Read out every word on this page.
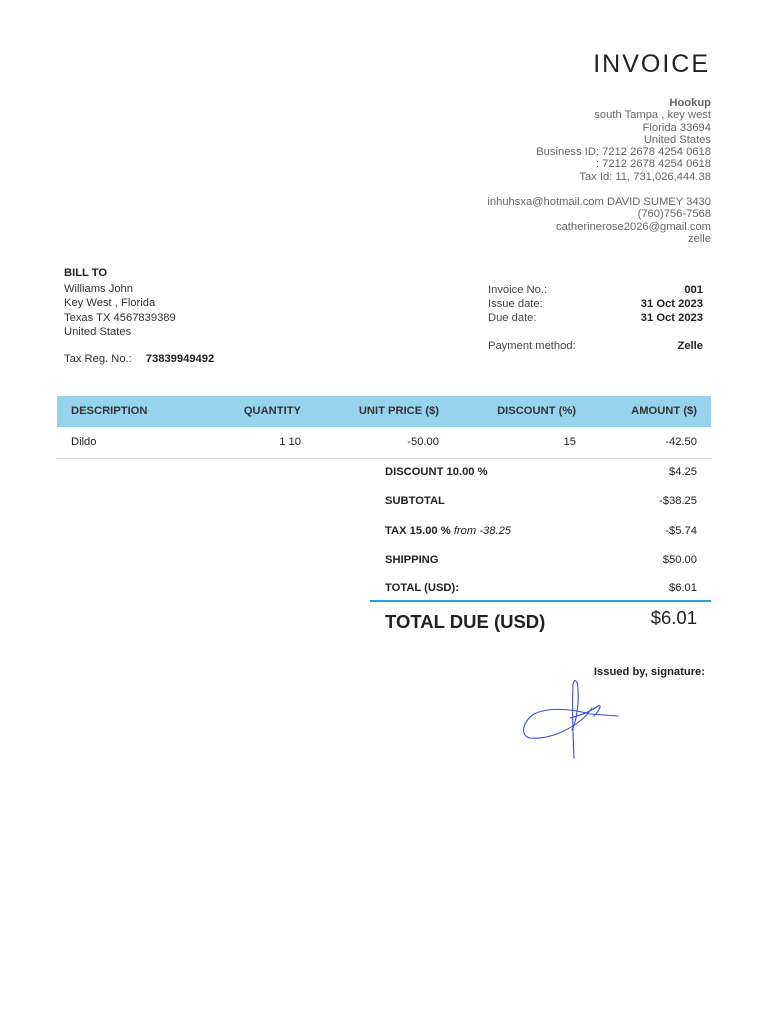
INVOICE
Hookup
south Tampa , key west
Florida 33694
United States
Business ID: 7212 2678 4254 0618
: 7212 2678 4254 0618
Tax Id: 11, 731,026,444.38
inhuhsxa@hotmail.com DAVID SUMEY 3430
(760)756-7568
catherinerose2026@gmail.com
zelle
BILL TO
Williams John
Key West , Florida
Texas TX 4567839389
United States
Tax Reg. No.: 73839949492
Invoice No.:	001
Issue date:	31 Oct 2023
Due date:	31 Oct 2023
Payment method:	Zelle
DESCRIPTION	QUANTITY	UNIT PRICE ($)	DISCOUNT (%)	AMOUNT ($)
Dildo	1 10	-50.00	15	-42.50
DISCOUNT 10.00 %	$4.25
SUBTOTAL	-$38.25
TAX 15.00 % from -38.25	-$5.74
SHIPPING	$50.00
TOTAL (USD):	$6.01
TOTAL DUE (USD)	$6.01
Issued by, signature:
